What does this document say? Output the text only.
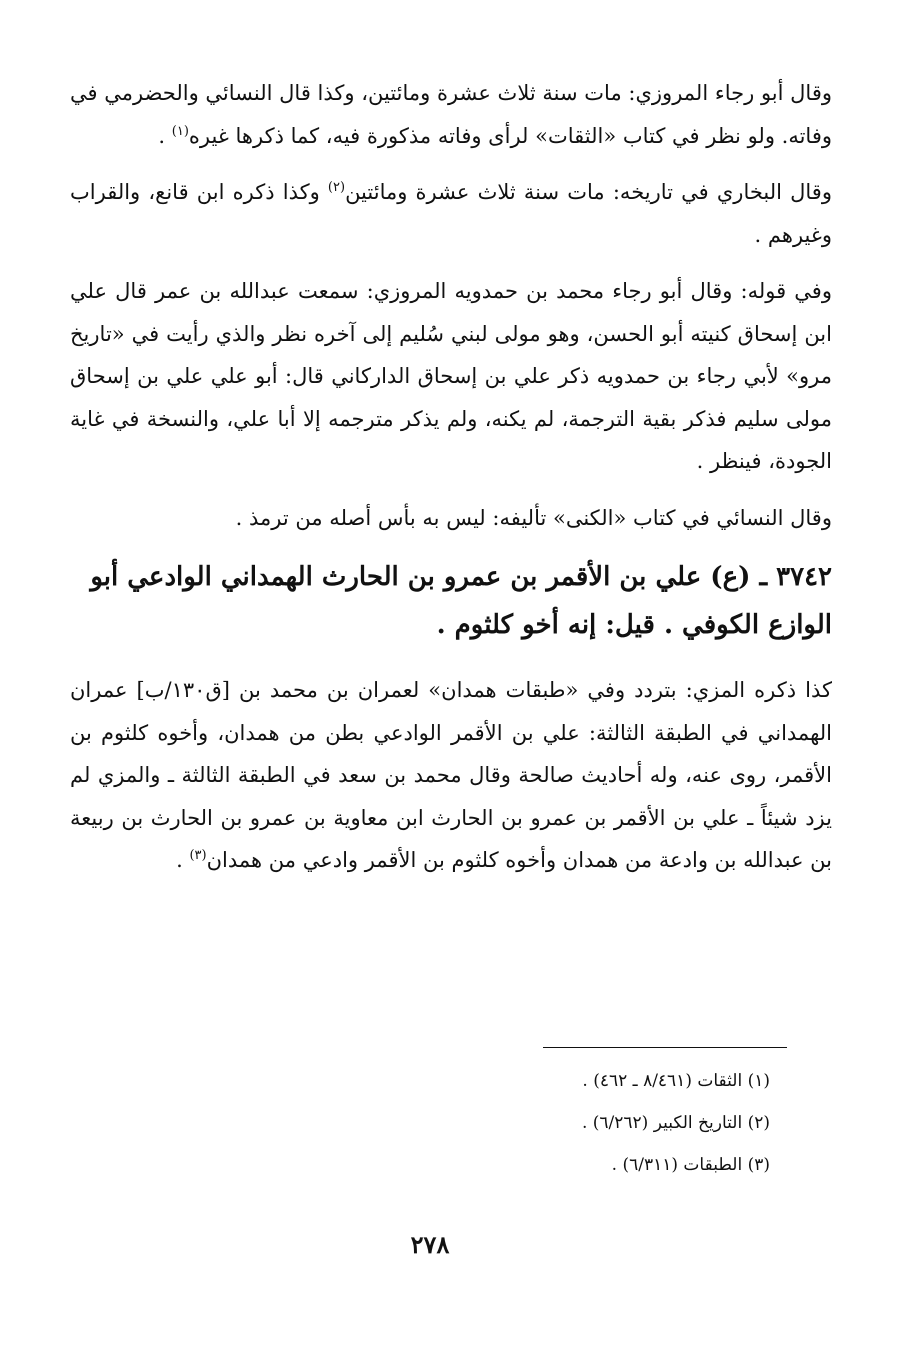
وقال أبو رجاء المروزي: مات سنة ثلاث عشرة ومائتين، وكذا قال النسائي والحضرمي في وفاته. ولو نظر في كتاب «الثقات» لرأى وفاته مذكورة فيه، كما ذكرها غيره$^{(١)}$ .

وقال البخاري في تاريخه: مات سنة ثلاث عشرة ومائتين$^{(٢)}$ وكذا ذكره ابن قانع، والقراب وغيرهم .

وفي قوله: وقال أبو رجاء محمد بن حمدويه المروزي: سمعت عبدالله بن عمر قال علي ابن إسحاق كنيته أبو الحسن، وهو مولى لبني سُليم إلى آخره نظر والذي رأيت في «تاريخ مرو» لأبي رجاء بن حمدويه ذكر علي بن إسحاق الداركاني قال: أبو علي علي بن إسحاق مولى سليم فذكر بقية الترجمة، لم يكنه، ولم يذكر مترجمه إلا أبا علي، والنسخة في غاية الجودة، فينظر .

وقال النسائي في كتاب «الكنى» تأليفه: ليس به بأس أصله من ترمذ .

٣٧٤٢ ـ (ع) علي بن الأقمر بن عمرو بن الحارث الهمداني الوادعي أبو الوازع الكوفي . قيل: إنه أخو كلثوم .

كذا ذكره المزي: بتردد وفي «طبقات همدان» لعمران بن محمد بن [ق١٣٠/ب] عمران الهمداني في الطبقة الثالثة: علي بن الأقمر الوادعي بطن من همدان، وأخوه كلثوم بن الأقمر، روى عنه، وله أحاديث صالحة وقال محمد بن سعد في الطبقة الثالثة ـ والمزي لم يزد شيئاً ـ علي بن الأقمر بن عمرو بن الحارث ابن معاوية بن عمرو بن الحارث بن ربيعة بن عبدالله بن وادعة من همدان وأخوه كلثوم بن الأقمر وادعي من همدان$^{(٣)}$ .

(١) الثقات (٨/٤٦١ ـ ٤٦٢) .

(٢) التاريخ الكبير (٦/٢٦٢) .

(٣) الطبقات (٦/٣١١) .

٢٧٨
